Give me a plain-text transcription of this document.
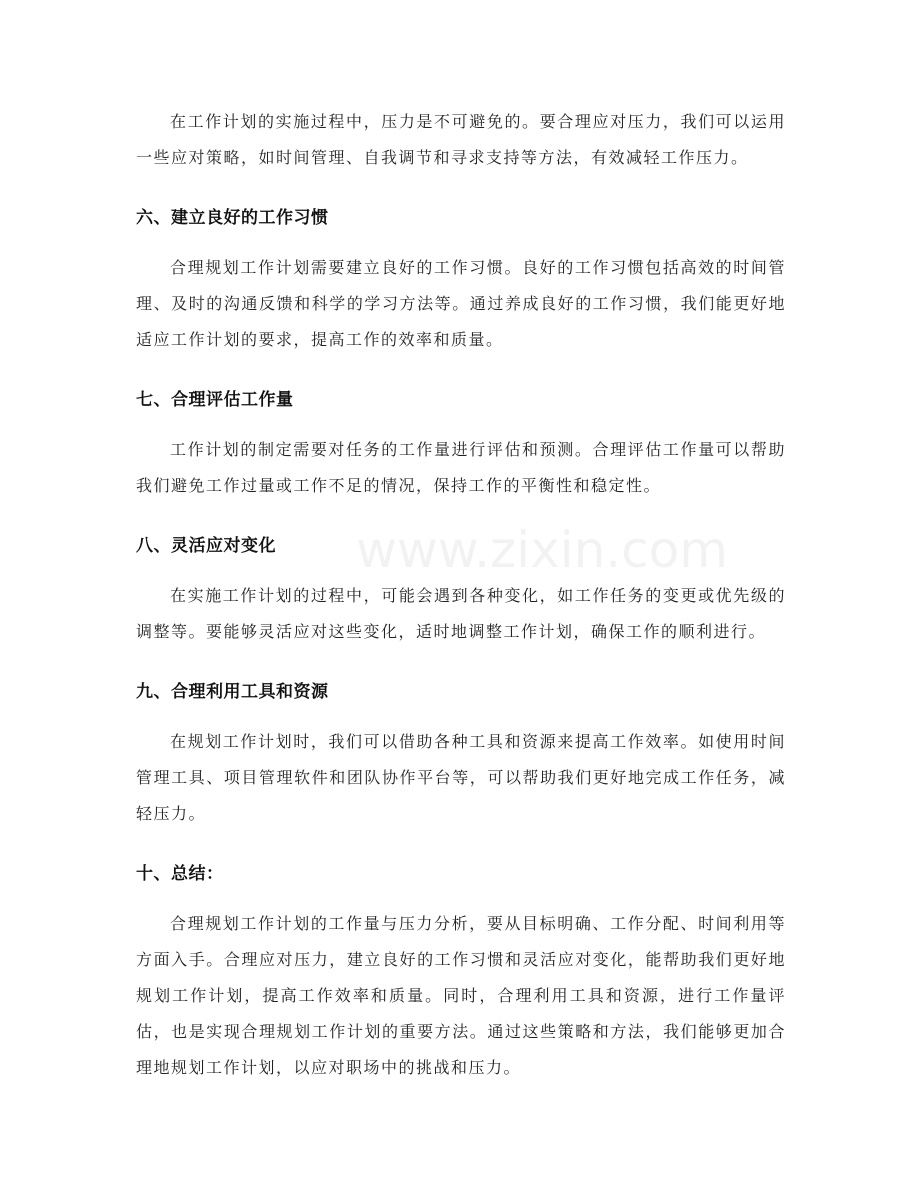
www.zixin.com

在工作计划的实施过程中，压力是不可避免的。要合理应对压力，我们可以运用一些应对策略，如时间管理、自我调节和寻求支持等方法，有效减轻工作压力。

六、建立良好的工作习惯

合理规划工作计划需要建立良好的工作习惯。良好的工作习惯包括高效的时间管理、及时的沟通反馈和科学的学习方法等。通过养成良好的工作习惯，我们能更好地适应工作计划的要求，提高工作的效率和质量。

七、合理评估工作量

工作计划的制定需要对任务的工作量进行评估和预测。合理评估工作量可以帮助我们避免工作过量或工作不足的情况，保持工作的平衡性和稳定性。

八、灵活应对变化

在实施工作计划的过程中，可能会遇到各种变化，如工作任务的变更或优先级的调整等。要能够灵活应对这些变化，适时地调整工作计划，确保工作的顺利进行。

九、合理利用工具和资源

在规划工作计划时，我们可以借助各种工具和资源来提高工作效率。如使用时间管理工具、项目管理软件和团队协作平台等，可以帮助我们更好地完成工作任务，减轻压力。

十、总结：

合理规划工作计划的工作量与压力分析，要从目标明确、工作分配、时间利用等方面入手。合理应对压力，建立良好的工作习惯和灵活应对变化，能帮助我们更好地规划工作计划，提高工作效率和质量。同时，合理利用工具和资源，进行工作量评估，也是实现合理规划工作计划的重要方法。通过这些策略和方法，我们能够更加合理地规划工作计划，以应对职场中的挑战和压力。
